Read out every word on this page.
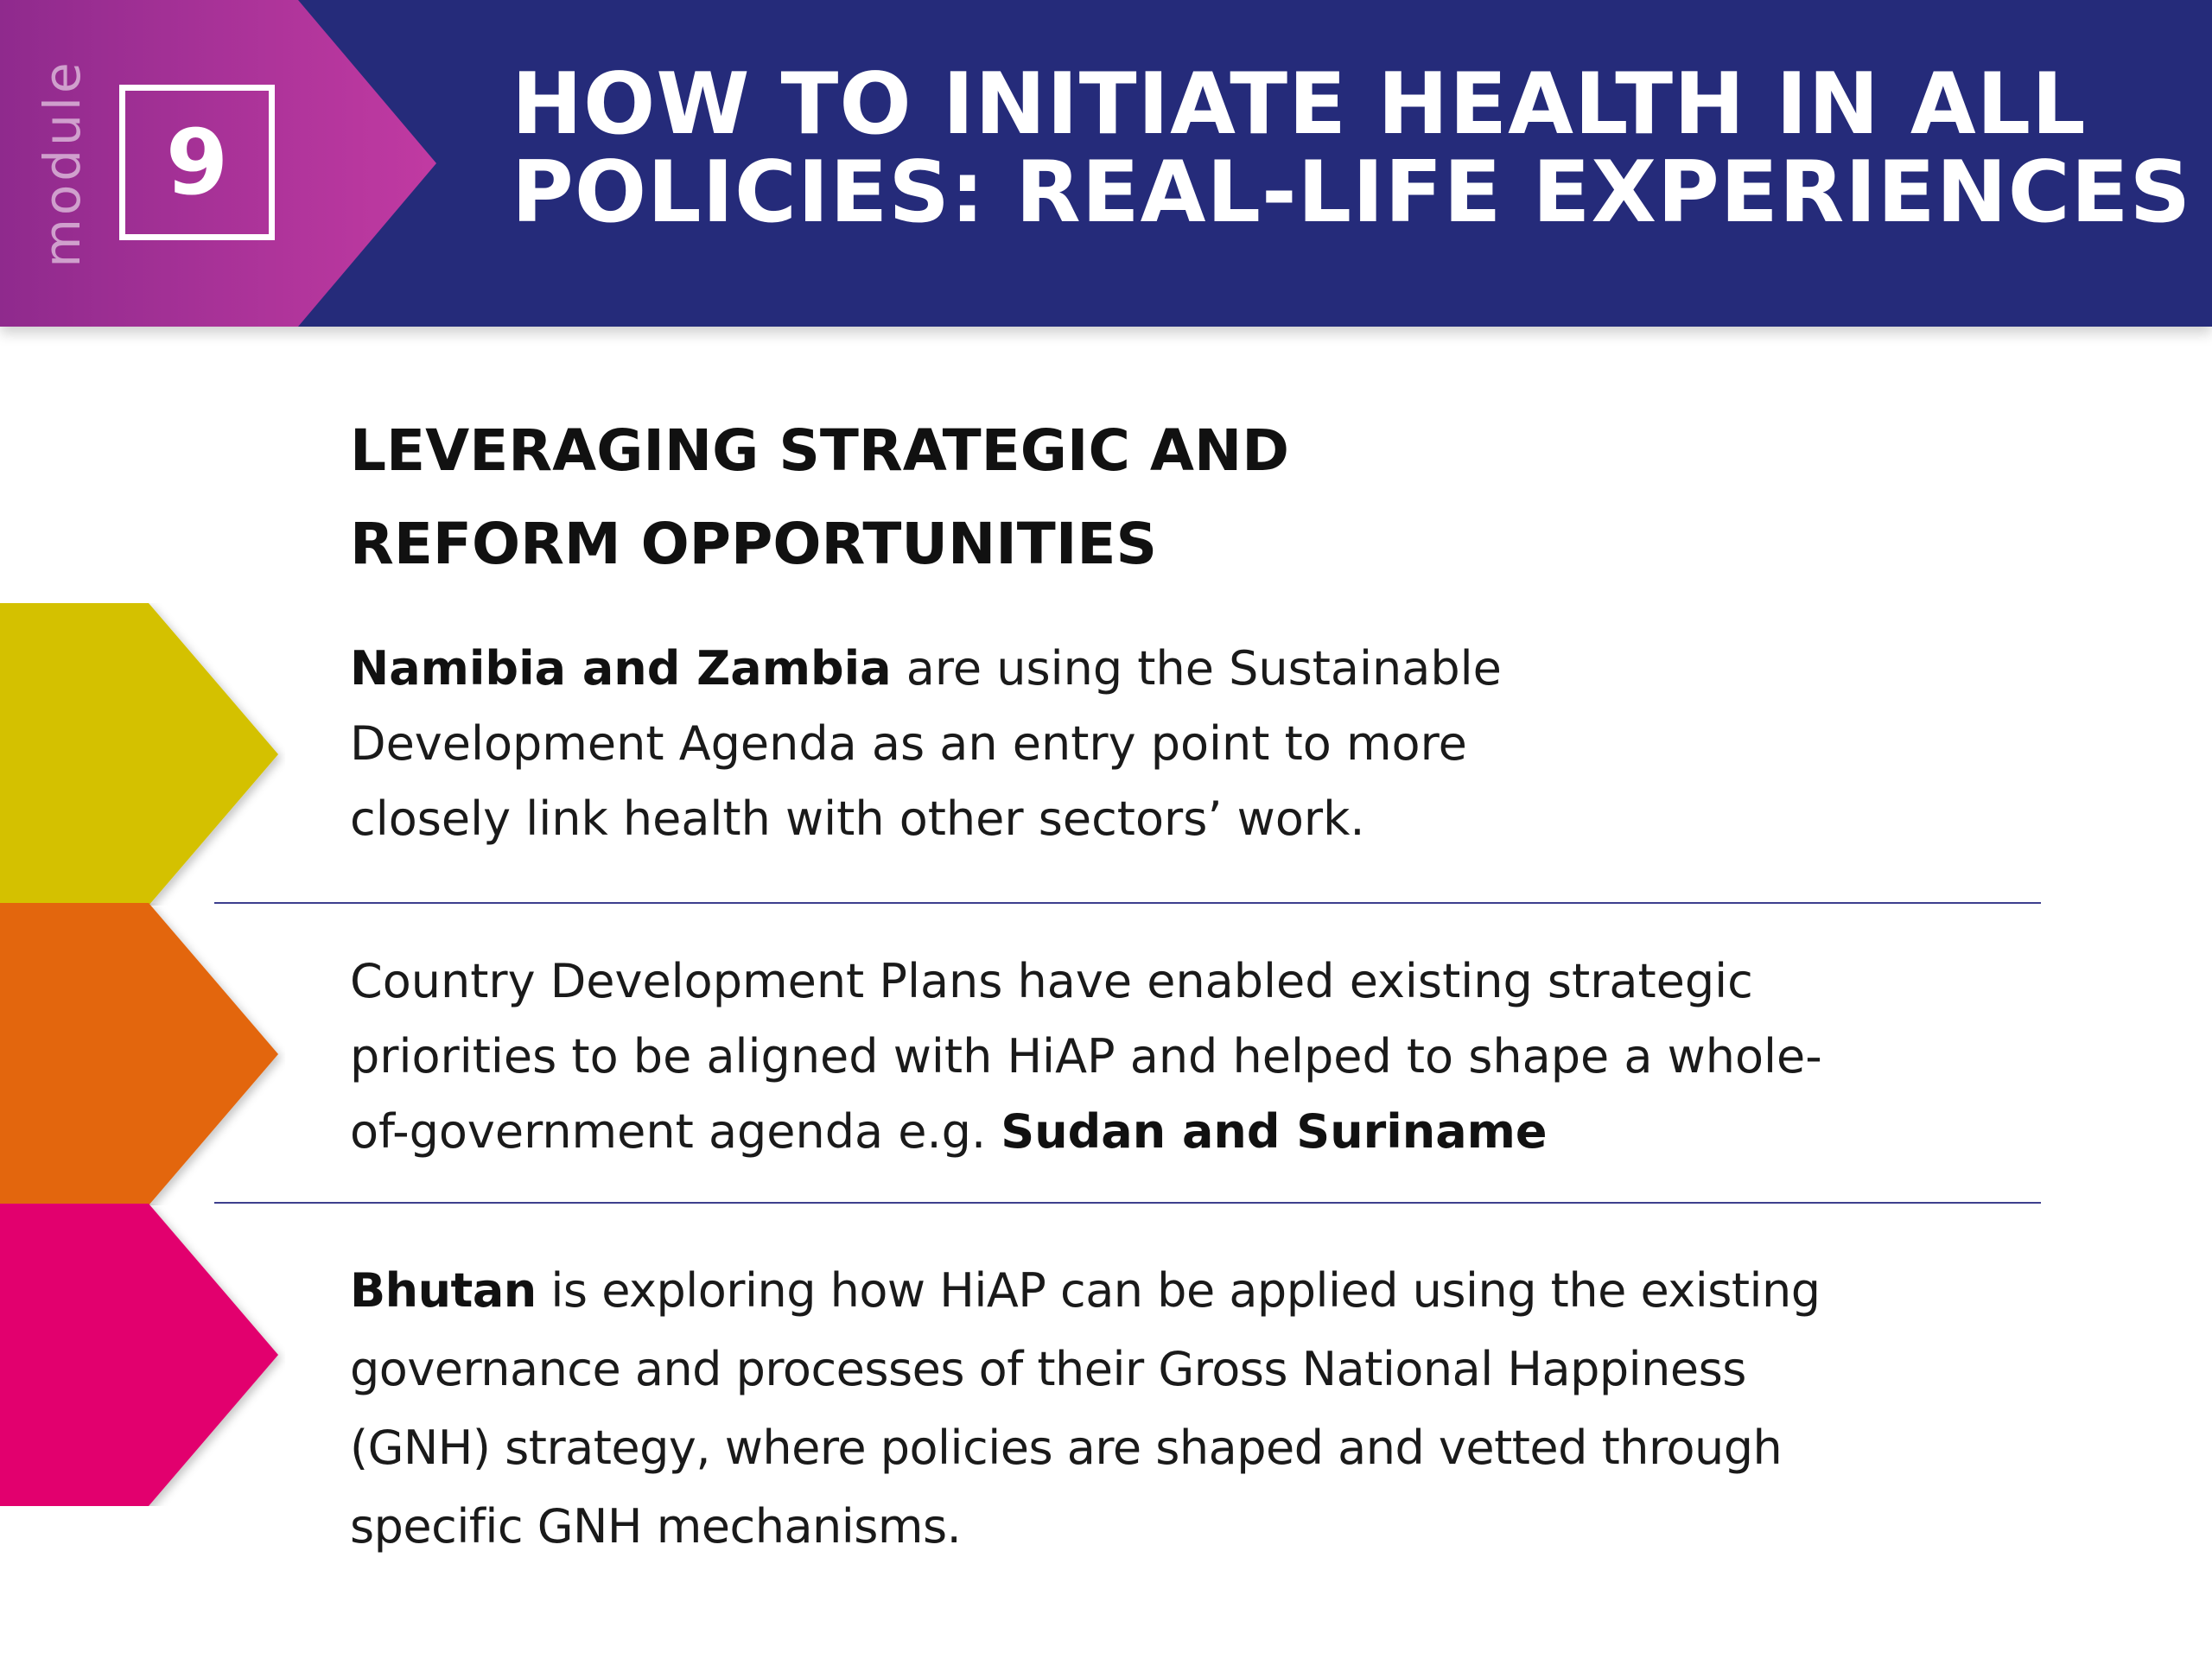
module 9
HOW TO INITIATE HEALTH IN ALL
POLICIES: REAL-LIFE EXPERIENCES
LEVERAGING STRATEGIC AND
REFORM OPPORTUNITIES
Namibia and Zambia are using the Sustainable
Development Agenda as an entry point to more
closely link health with other sectors’ work.
Country Development Plans have enabled existing strategic
priorities to be aligned with HiAP and helped to shape a whole-
of-government agenda e.g. Sudan and Suriname
Bhutan is exploring how HiAP can be applied using the existing
governance and processes of their Gross National Happiness
(GNH) strategy, where policies are shaped and vetted through
specific GNH mechanisms.
